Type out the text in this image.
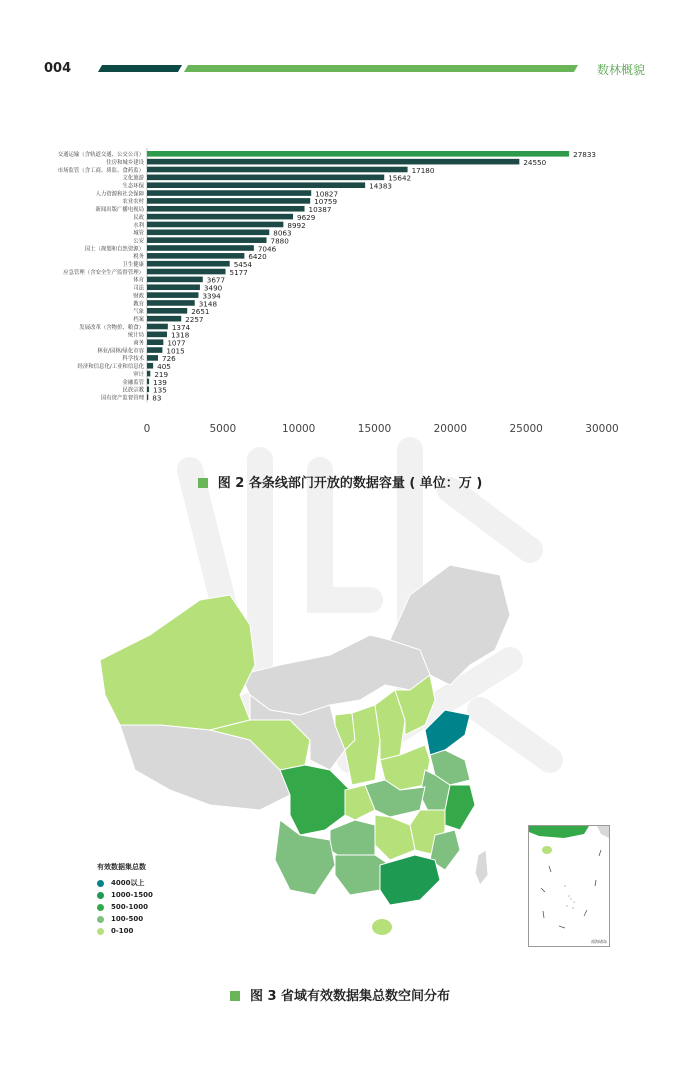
004	数林概貌
交通运输（含轨道交通、公交公司）	27833
住房和城乡建设	24550
市场监管（含工商、质监、食药监）	17180
文化旅游	15642
生态环保	14383
人力资源和社会保障	10827
农业农村	10759
新闻出版广播电视局	10387
民政	9629
水利	8992
城管	8063
公安	7880
国土（规划和自然资源）	7046
税务	6420
卫生健康	5454
应急管理（含安全生产监督管理）	5177
体育	3677
司法	3490
财政	3394
教育	3148
气象	2651
档案	2257
发展改革（含物价、粮食）	1374
统计局	1318
商务	1077
林业/园林/绿化市容	1015
科学技术	726
经济和信息化/工业和信息化 405
审计 219
金融监管 139
民族宗教 135
国有资产监督管理 83
0	5000	10000	15000	20000	25000	30000
图 2 各条线部门开放的数据容量 ( 单位：万 )
有效数据集总数
4000以上
1000-1500
500-1000
100-500
0-100
南海诸岛
图 3 省域有效数据集总数空间分布
